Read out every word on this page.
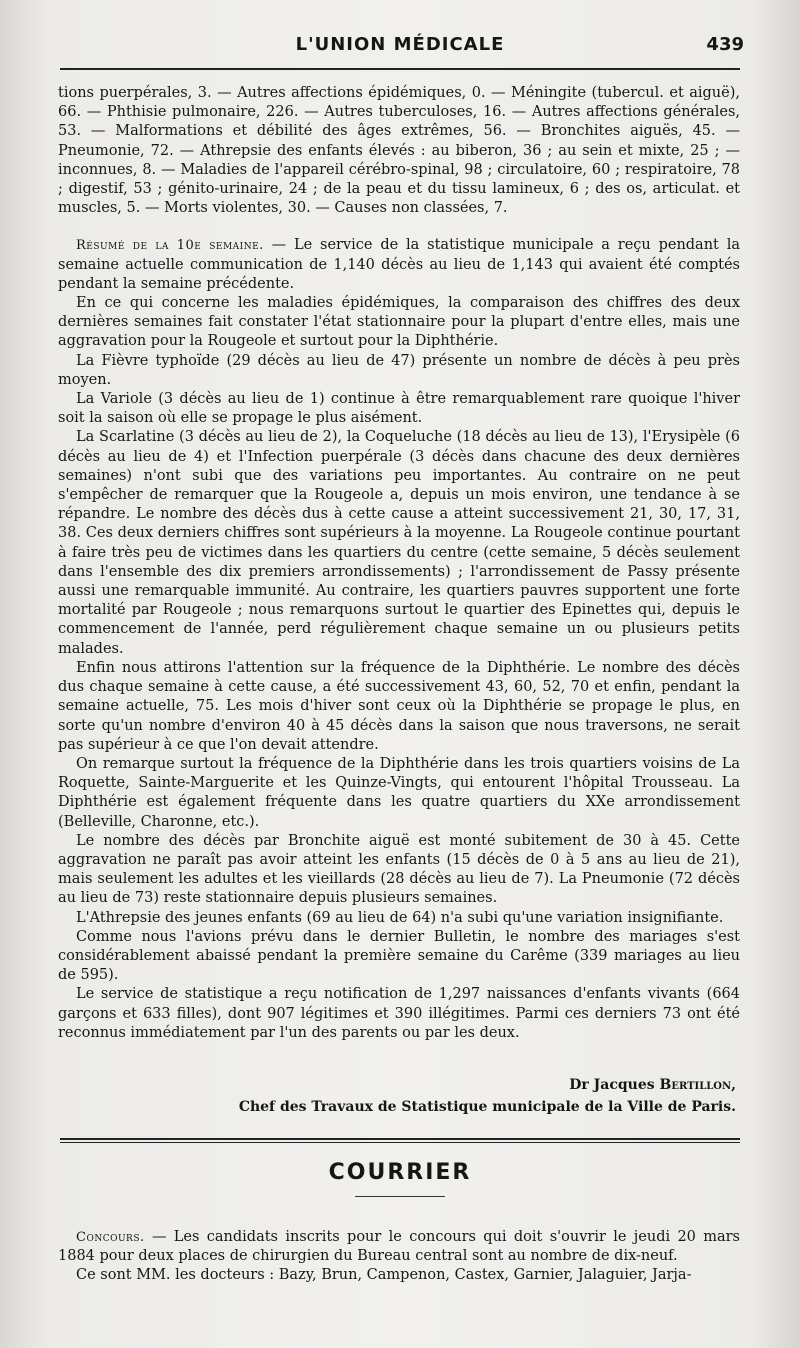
L'UNION MÉDICALE	439

tions puerpérales, 3. — Autres affections épidémiques, 0. — Méningite (tubercul. et aiguë), 66. — Phthisie pulmonaire, 226. — Autres tuberculoses, 16. — Autres affections générales, 53. — Malformations et débilité des âges extrêmes, 56. — Bronchites aiguës, 45. — Pneumonie, 72. — Athrepsie des enfants élevés : au biberon, 36 ; au sein et mixte, 25 ; — inconnues, 8. — Maladies de l'appareil cérébro-spinal, 98 ; circulatoire, 60 ; respiratoire, 78 ; digestif, 53 ; génito-urinaire, 24 ; de la peau et du tissu lamineux, 6 ; des os, articulat. et muscles, 5. — Morts violentes, 30. — Causes non classées, 7.

Résumé de la 10e semaine. — Le service de la statistique municipale a reçu pendant la semaine actuelle communication de 1,140 décès au lieu de 1,143 qui avaient été comptés pendant la semaine précédente.

En ce qui concerne les maladies épidémiques, la comparaison des chiffres des deux dernières semaines fait constater l'état stationnaire pour la plupart d'entre elles, mais une aggravation pour la Rougeole et surtout pour la Diphthérie.

La Fièvre typhoïde (29 décès au lieu de 47) présente un nombre de décès à peu près moyen.

La Variole (3 décès au lieu de 1) continue à être remarquablement rare quoique l'hiver soit la saison où elle se propage le plus aisément.

La Scarlatine (3 décès au lieu de 2), la Coqueluche (18 décès au lieu de 13), l'Erysipèle (6 décès au lieu de 4) et l'Infection puerpérale (3 décès dans chacune des deux dernières semaines) n'ont subi que des variations peu importantes. Au contraire on ne peut s'empêcher de remarquer que la Rougeole a, depuis un mois environ, une tendance à se répandre. Le nombre des décès dus à cette cause a atteint successivement 21, 30, 17, 31, 38. Ces deux derniers chiffres sont supérieurs à la moyenne. La Rougeole continue pourtant à faire très peu de victimes dans les quartiers du centre (cette semaine, 5 décès seulement dans l'ensemble des dix premiers arrondissements) ; l'arrondissement de Passy présente aussi une remarquable immunité. Au contraire, les quartiers pauvres supportent une forte mortalité par Rougeole ; nous remarquons surtout le quartier des Epinettes qui, depuis le commencement de l'année, perd régulièrement chaque semaine un ou plusieurs petits malades.

Enfin nous attirons l'attention sur la fréquence de la Diphthérie. Le nombre des décès dus chaque semaine à cette cause, a été successivement 43, 60, 52, 70 et enfin, pendant la semaine actuelle, 75. Les mois d'hiver sont ceux où la Diphthérie se propage le plus, en sorte qu'un nombre d'environ 40 à 45 décès dans la saison que nous traversons, ne serait pas supérieur à ce que l'on devait attendre.

On remarque surtout la fréquence de la Diphthérie dans les trois quartiers voisins de La Roquette, Sainte-Marguerite et les Quinze-Vingts, qui entourent l'hôpital Trousseau. La Diphthérie est également fréquente dans les quatre quartiers du XXe arrondissement (Belleville, Charonne, etc.).

Le nombre des décès par Bronchite aiguë est monté subitement de 30 à 45. Cette aggravation ne paraît pas avoir atteint les enfants (15 décès de 0 à 5 ans au lieu de 21), mais seulement les adultes et les vieillards (28 décès au lieu de 7). La Pneumonie (72 décès au lieu de 73) reste stationnaire depuis plusieurs semaines.

L'Athrepsie des jeunes enfants (69 au lieu de 64) n'a subi qu'une variation insignifiante.

Comme nous l'avions prévu dans le dernier Bulletin, le nombre des mariages s'est considérablement abaissé pendant la première semaine du Carême (339 mariages au lieu de 595).

Le service de statistique a reçu notification de 1,297 naissances d'enfants vivants (664 garçons et 633 filles), dont 907 légitimes et 390 illégitimes. Parmi ces derniers 73 ont été reconnus immédiatement par l'un des parents ou par les deux.

Dr Jacques Bertillon,
Chef des Travaux de Statistique municipale de la Ville de Paris.
COURRIER

Concours. — Les candidats inscrits pour le concours qui doit s'ouvrir le jeudi 20 mars 1884 pour deux places de chirurgien du Bureau central sont au nombre de dix-neuf.

Ce sont MM. les docteurs : Bazy, Brun, Campenon, Castex, Garnier, Jalaguier, Jarja-
